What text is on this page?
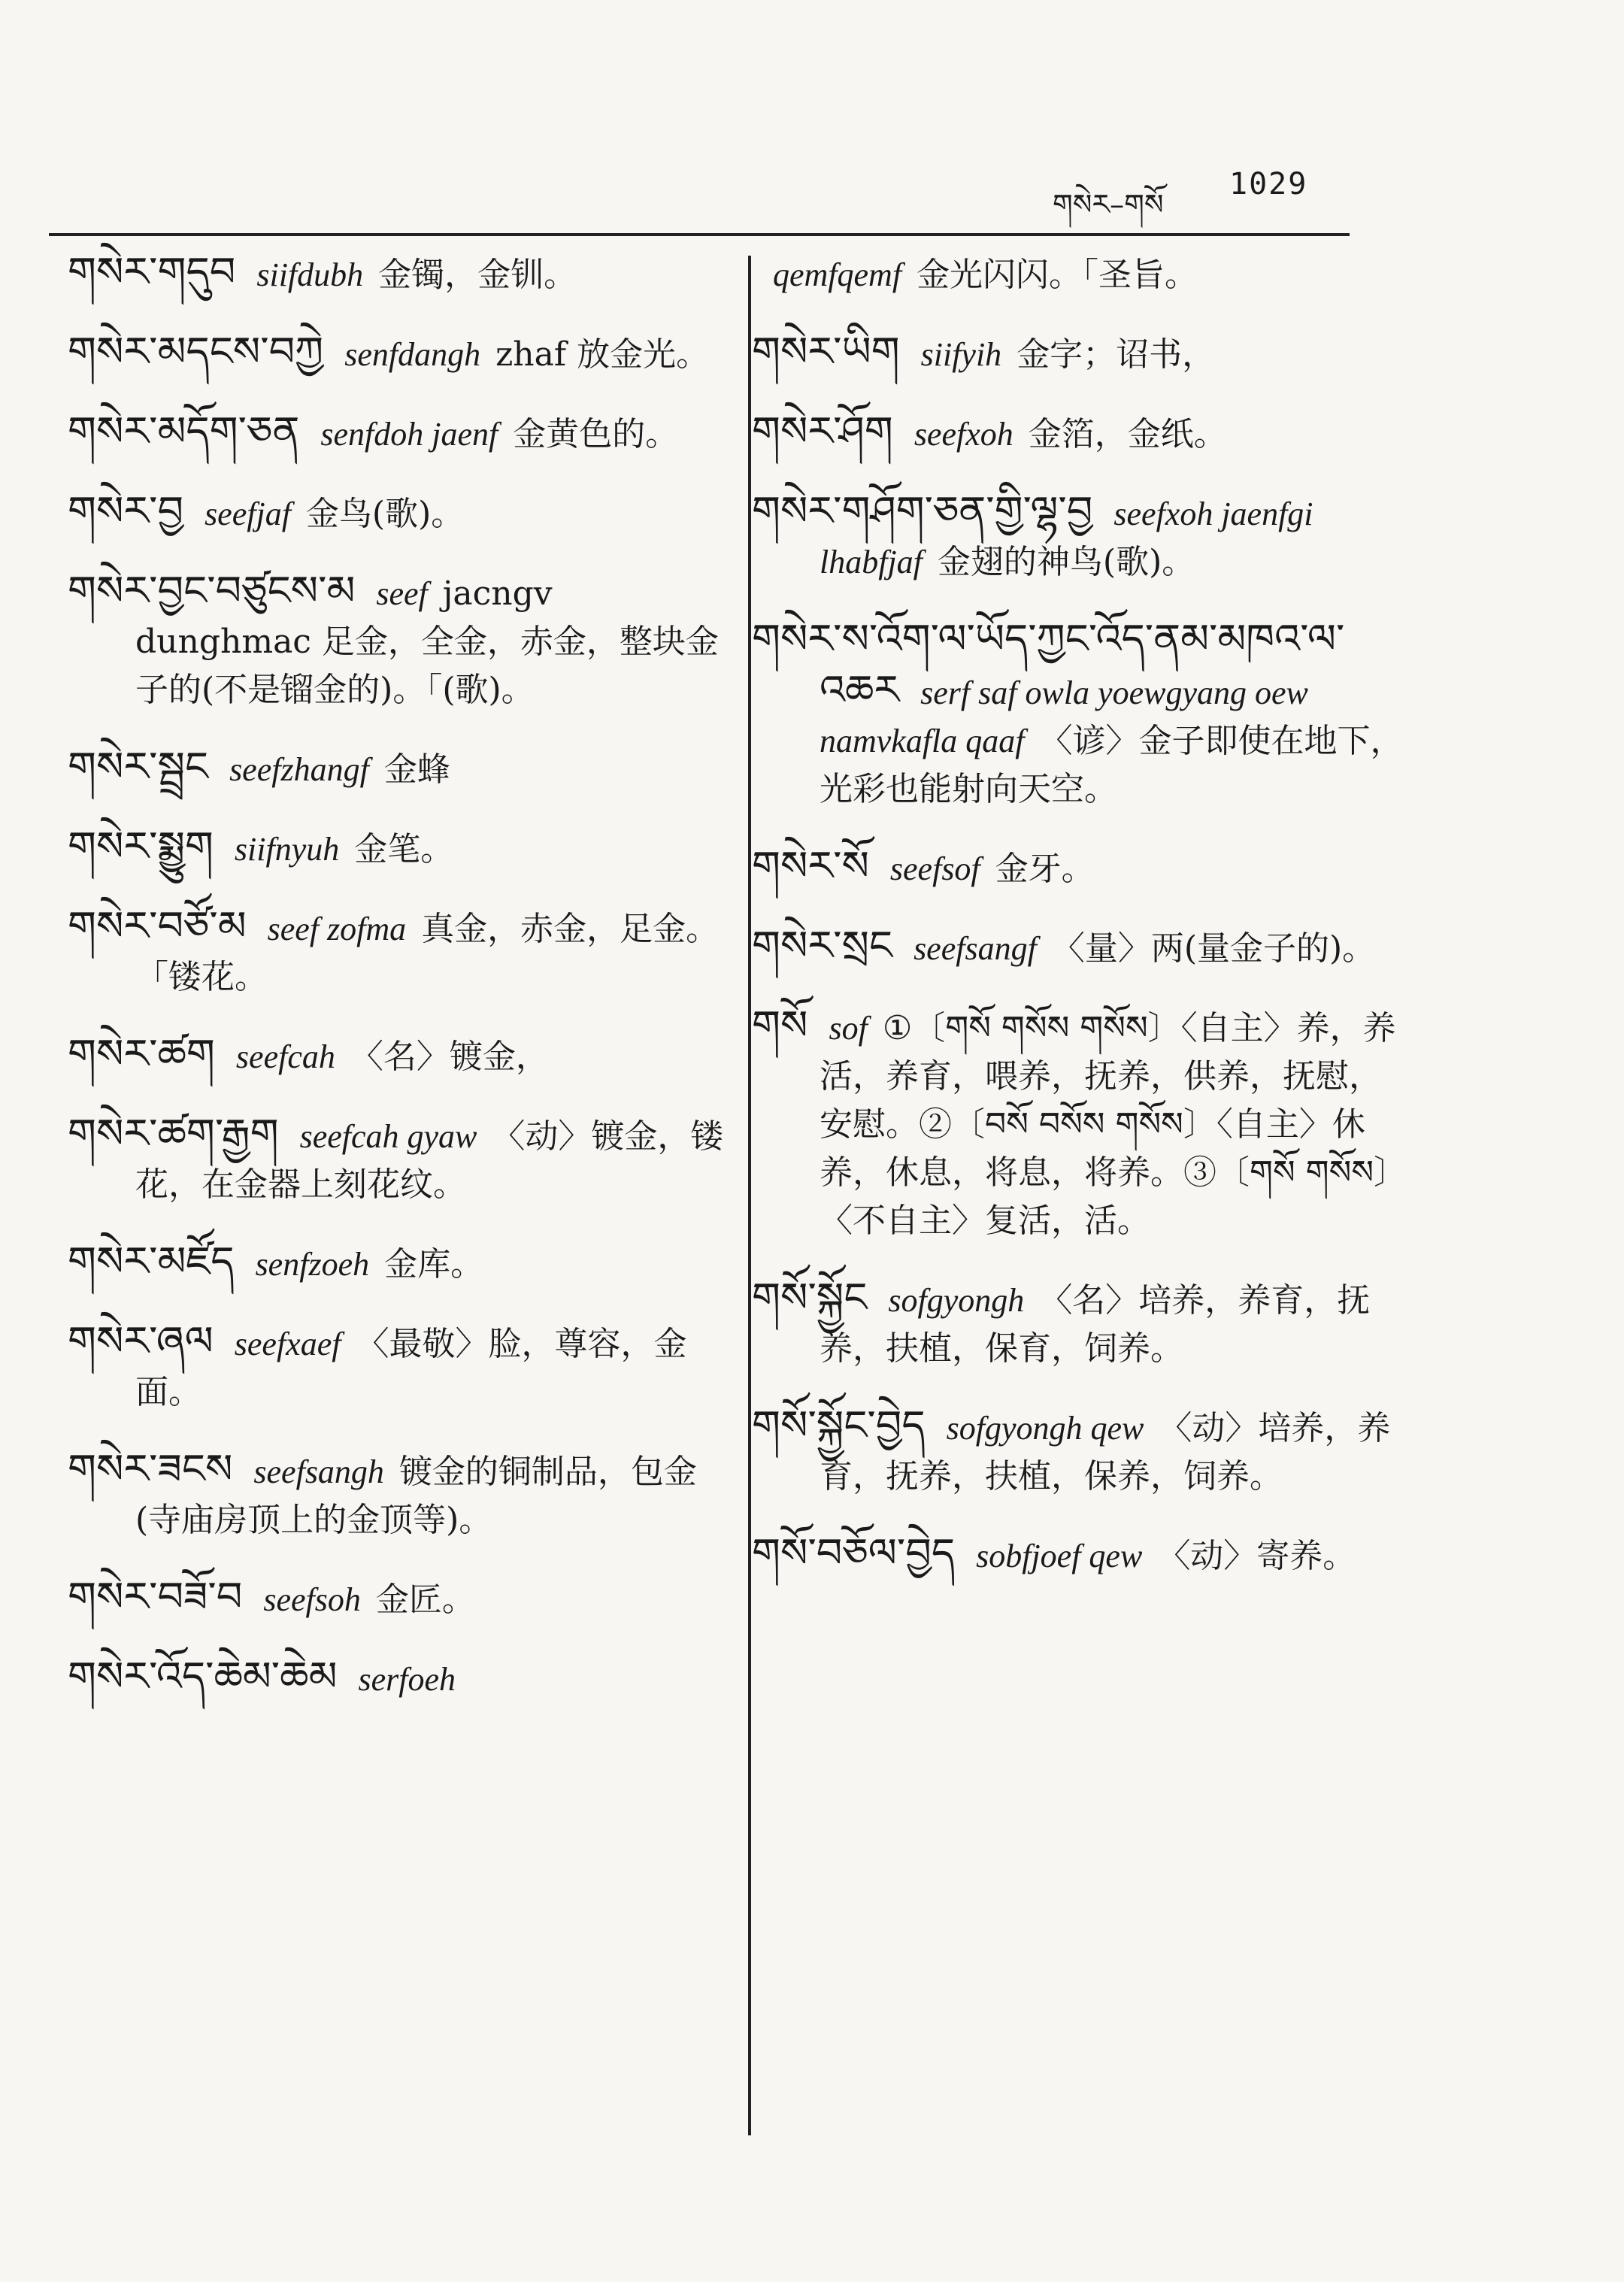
གསེར–གསོ
1029
གསེར་གདུབ siifdubh 金镯，金钏。
གསེར་མདངས་བཀྱེ senfdangh zhaf 放金光。
གསེར་མདོག་ཅན senfdoh jaenf 金黄色的。
གསེར་བྱ seefjaf 金鸟(歌)。
གསེར་བྱང་བཙུངས་མ seef jacngv dunghmac 足金，全金，赤金，整块金子的(不是镏金的)。「(歌)。
གསེར་སྦྲང seefzhangf 金蜂
གསེར་སྨྱུག siifnyuh 金笔。
གསེར་བཙོ་མ seef zofma 真金，赤金，足金。「镂花。
གསེར་ཚག seefcah 〈名〉镀金，
གསེར་ཚག་རྒྱག seefcah gyaw 〈动〉镀金，镂花，在金器上刻花纹。
གསེར་མཛོད senfzoeh 金库。
གསེར་ཞལ seefxaef 〈最敬〉脸，尊容，金面。
གསེར་ཟངས seefsangh 镀金的铜制品，包金(寺庙房顶上的金顶等)。
གསེར་བཟོ་བ seefsoh 金匠。
གསེར་འོད་ཆེམ་ཆེམ serfoeh
qemfqemf 金光闪闪。「圣旨。
གསེར་ཡིག siifyih 金字；诏书，
གསེར་ཤོག seefxoh 金箔，金纸。
གསེར་གཤོག་ཅན་གྱི་ལྷ་བྱ seefxoh jaenfgi lhabfjaf 金翅的神鸟(歌)。
གསེར་ས་འོག་ལ་ཡོད་ཀྱང་འོད་ནམ་མཁའ་ལ་འཆར serf saf owla yoewgyang oew namvkafla qaaf 〈谚〉金子即使在地下，光彩也能射向天空。
གསེར་སོ seefsof 金牙。
གསེར་སྲང seefsangf 〈量〉两(量金子的)。
གསོ sof ①〔གསོ གསོས གསོས〕〈自主〉养，养活，养育，喂养，抚养，供养，抚慰，安慰。②〔བསོ བསོས གསོས〕〈自主〉休养，休息，将息，将养。③〔གསོ གསོས〕〈不自主〉复活，活。
གསོ་སྐྱོང sofgyongh 〈名〉培养，养育，抚养，扶植，保育，饲养。
གསོ་སྐྱོང་བྱེད sofgyongh qew 〈动〉培养，养育，抚养，扶植，保养，饲养。
གསོ་བཅོལ་བྱེད sobfjoef qew 〈动〉寄养。
